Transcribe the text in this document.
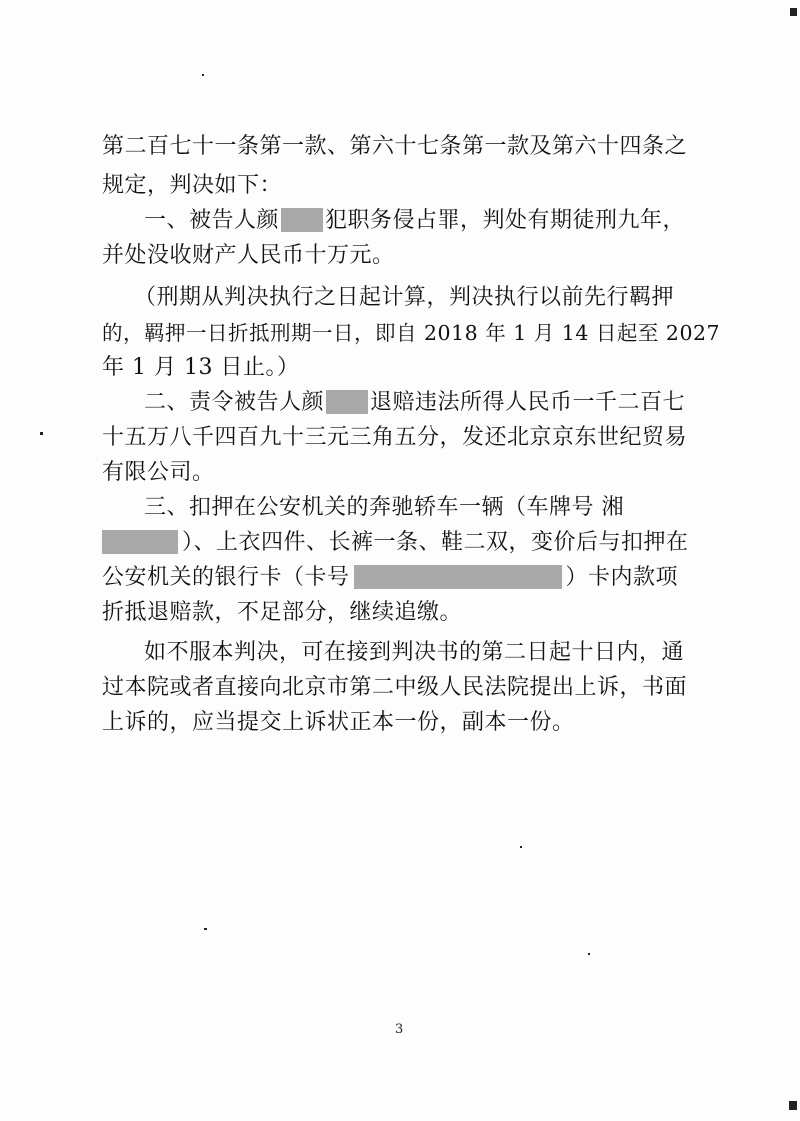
第二百七十一条第一款、第六十七条第一款及第六十四条之
规定，判决如下：
一、被告人颜 犯职务侵占罪，判处有期徒刑九年，
并处没收财产人民币十万元。
（刑期从判决执行之日起计算，判决执行以前先行羁押
的，羁押一日折抵刑期一日，即自 2018 年 1 月 14 日起至 2027
年 1 月 13 日止。）
二、责令被告人颜 退赔违法所得人民币一千二百七
十五万八千四百九十三元三角五分，发还北京京东世纪贸易
有限公司。
三、扣押在公安机关的奔驰轿车一辆（车牌号 湘
）、上衣四件、长裤一条、鞋二双，变价后与扣押在
公安机关的银行卡（卡号	）卡内款项
折抵退赔款，不足部分，继续追缴。
如不服本判决，可在接到判决书的第二日起十日内，通
过本院或者直接向北京市第二中级人民法院提出上诉，书面
上诉的，应当提交上诉状正本一份，副本一份。
3
